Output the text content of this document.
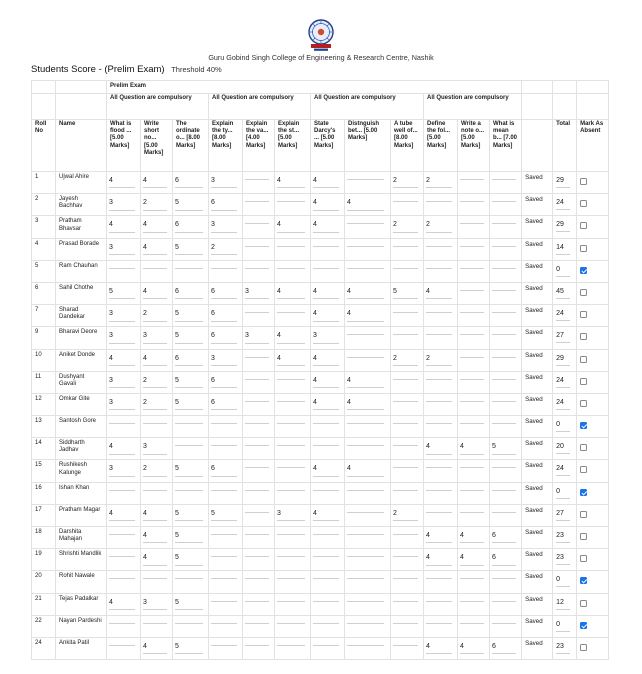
Guru Gobind Singh College of Engineering & Research Centre, Nashik
Students Score - (Prelim Exam) Threshold 40%
		Prelim Exam														
		All Question are compulsory			All Question are compulsory			All Question are compulsory			All Question are compulsory					
Roll No	Name	What is flood ... [5.00 Marks]	Write short no... [5.00 Marks]	The ordinate o... [8.00 Marks]	Explain the ty... [8.00 Marks]	Explain the va... [4.00 Marks]	Explain the st... [5.00 Marks]	State Darcy's ... [5.00 Marks]	Distnguish bet... [5.00 Marks]	A tube well of... [8.00 Marks]	Define the fol... [5.00 Marks]	Write a note o... [5.00 Marks]	What is mean b... [7.00 Marks]		Total	Mark As Absent
1	Ujwal Ahire	4	4	6	3		4	4		2	2			Saved	29	

2	Jayesh Bachhav	3	2	5	6			4	4					Saved	24	

3	Pratham Bhavsar	4	4	6	3		4	4		2	2			Saved	29	

4	Prasad Borade	3	4	5	2									Saved	14	

5	Ram Chauhan													Saved	0	

6	Sahil Chothe	5	4	6	6	3	4	4	4	5	4			Saved	45	

7	Sharad Dandekar	3	2	5	6			4	4					Saved	24	

9	Bharavi Deore	3	3	5	6	3	4	3						Saved	27	

10	Aniket Donde	4	4	6	3		4	4		2	2			Saved	29	

11	Dushyant Gavali	3	2	5	6			4	4					Saved	24	

12	Omkar Gite	3	2	5	6			4	4					Saved	24	

13	Santosh Gore													Saved	0	

14	Siddharth Jadhav	4	3								4	4	5	Saved	20	

15	Rushikesh Kalunge	3	2	5	6			4	4					Saved	24	

16	Ishan Khan													Saved	0	

17	Pratham Magar	4	4	5	5		3	4		2				Saved	27	

18	Darshita Mahajan		4	5							4	4	6	Saved	23	

19	Shrishti Mandlik		4	5							4	4	6	Saved	23	

20	Rohit Nawale													Saved	0	

21	Tejas Padalkar	4	3	5										Saved	12	

22	Nayan Pardeshi													Saved	0	

24	Ankita Patil		4	5							4	4	6	Saved	23	
